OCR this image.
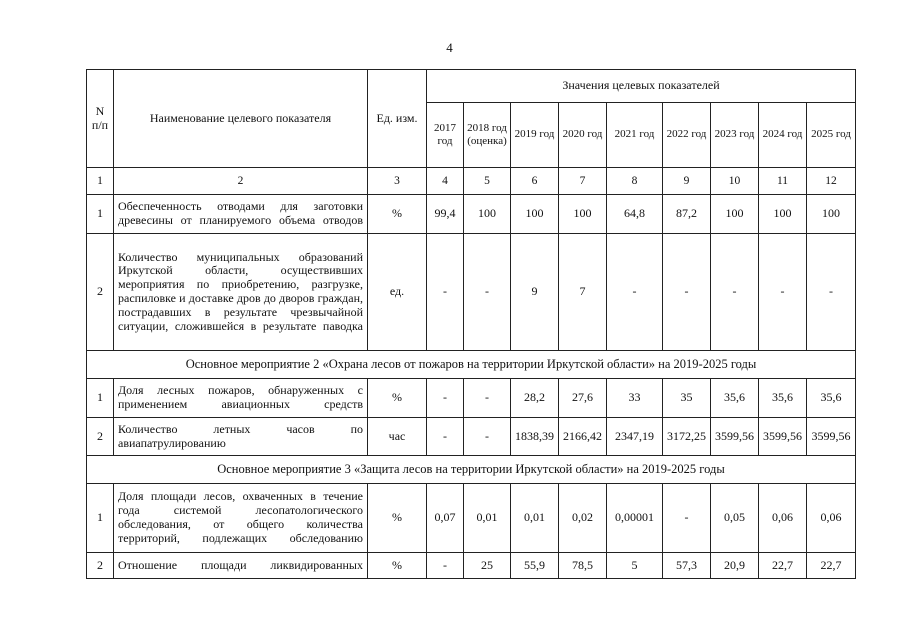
4
N п/п	Наименование целевого показателя	Ед. изм.	Значения целевых показателей								
			2017 год	2018 год (оценка)	2019 год	2020 год	2021 год	2022 год	2023 год	2024 год	2025 год
1	2	3	4	5	6	7	8	9	10	11	12
1	Обеспеченность отводами для заготовки древесины от планируемого объема отводов	%	99,4	100	100	100	64,8	87,2	100	100	100
2	Количество муниципальных образований Иркутской области, осуществивших мероприятия по приобретению, разгрузке, распиловке и доставке дров до дворов граждан, пострадавших в результате чрезвычайной ситуации, сложившейся в результате паводка	ед.	-	-	9	7	-	-	-	-	-
Основное мероприятие 2 «Охрана лесов от пожаров на территории Иркутской области» на 2019-2025 годы											
1	Доля лесных пожаров, обнаруженных с применением авиационных средств	%	-	-	28,2	27,6	33	35	35,6	35,6	35,6
2	Количество летных часов по авиапатрулированию	час	-	-	1838,39	2166,42	2347,19	3172,25	3599,56	3599,56	3599,56
Основное мероприятие 3 «Защита лесов на территории Иркутской области» на 2019-2025 годы											
1	Доля площади лесов, охваченных в течение года системой лесопатологического обследования, от общего количества территорий, подлежащих обследованию	%	0,07	0,01	0,01	0,02	0,00001	-	0,05	0,06	0,06
2	Отношение площади ликвидированных	%	-	25	55,9	78,5	5	57,3	20,9	22,7	22,7
